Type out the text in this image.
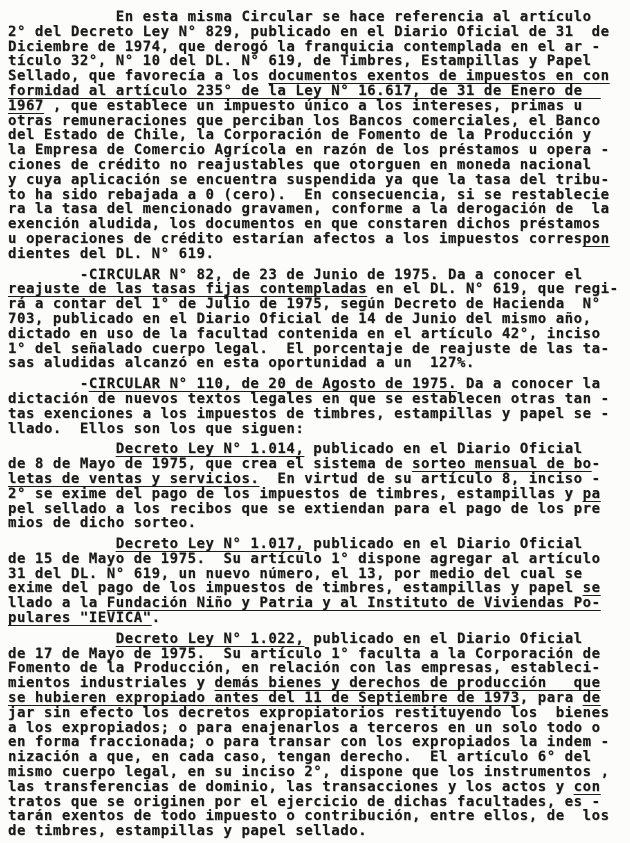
En esta misma Circular se hace referencia al artículo
2° del Decreto Ley N° 829, publicado en el Diario Oficial de 31  de
Diciembre de 1974, que derogó la franquicia contemplada en el ar -
tículo 32°, N° 10 del DL. N° 619, de Timbres, Estampillas y Papel
Sellado, que favorecía a los documentos exentos de impuestos en con
formidad al artículo 235° de la Ley N° 16.617, de 31 de Enero de
1967 , que establece un impuesto único a los intereses, primas u
otras remuneraciones que perciban los Bancos comerciales, el Banco
del Estado de Chile, la Corporación de Fomento de la Producción y
la Empresa de Comercio Agrícola en razón de los préstamos u opera -
ciones de crédito no reajustables que otorguen en moneda nacional
y cuya aplicación se encuentra suspendida ya que la tasa del tribu-
to ha sido rebajada a 0 (cero).  En consecuencia, si se restablecie
ra la tasa del mencionado gravamen, conforme a la derogación de  la
exención aludida, los documentos en que constaren dichos préstamos
u operaciones de crédito estarían afectos a los impuestos correspon
dientes del DL. N° 619.
-CIRCULAR N° 82, de 23 de Junio de 1975. Da a conocer el
reajuste de las tasas fijas contempladas en el DL. N° 619, que regi-
rá a contar del 1° de Julio de 1975, según Decreto de Hacienda  N°
703, publicado en el Diario Oficial de 14 de Junio del mismo año,
dictado en uso de la facultad contenida en el artículo 42°, inciso
1° del señalado cuerpo legal.  El porcentaje de reajuste de las ta-
sas aludidas alcanzó en esta oportunidad a un  127%.
-CIRCULAR N° 110, de 20 de Agosto de 1975. Da a conocer la
dictación de nuevos textos legales en que se establecen otras tan -
tas exenciones a los impuestos de timbres, estampillas y papel se -
llado.  Ellos son los que siguen:
Decreto Ley N° 1.014, publicado en el Diario Oficial
de 8 de Mayo de 1975, que crea el sistema de sorteo mensual de bo-
letas de ventas y servicios.  En virtud de su artículo 8, inciso -
2° se exime del pago de los impuestos de timbres, estampillas y pa
pel sellado a los recibos que se extiendan para el pago de los pre
mios de dicho sorteo.
Decreto Ley N° 1.017, publicado en el Diario Oficial
de 15 de Mayo de 1975.  Su artículo 1° dispone agregar al artículo
31 del DL. N° 619, un nuevo número, el 13, por medio del cual se
exime del pago de los impuestos de timbres, estampillas y papel se
llado a la Fundación Niño y Patria y al Instituto de Viviendas Po-
pulares "IEVICA".
Decreto Ley N° 1.022, publicado en el Diario Oficial
de 17 de Mayo de 1975.  Su artículo 1° faculta a la Corporación de
Fomento de la Producción, en relación con las empresas, estableci-
mientos industriales y demás bienes y derechos de producción   que
se hubieren expropiado antes del 11 de Septiembre de 1973, para de
jar sin efecto los decretos expropiatorios restituyendo los  bienes
a los expropiados; o para enajenarlos a terceros en un solo todo o
en forma fraccionada; o para transar con los expropiados la indem -
nización a que, en cada caso, tengan derecho.  El artículo 6° del
mismo cuerpo legal, en su inciso 2°, dispone que los instrumentos ,
las transferencias de dominio, las transacciones y los actos y con
tratos que se originen por el ejercicio de dichas facultades, es -
tarán exentos de todo impuesto o contribución, entre ellos, de  los
de timbres, estampillas y papel sellado.
